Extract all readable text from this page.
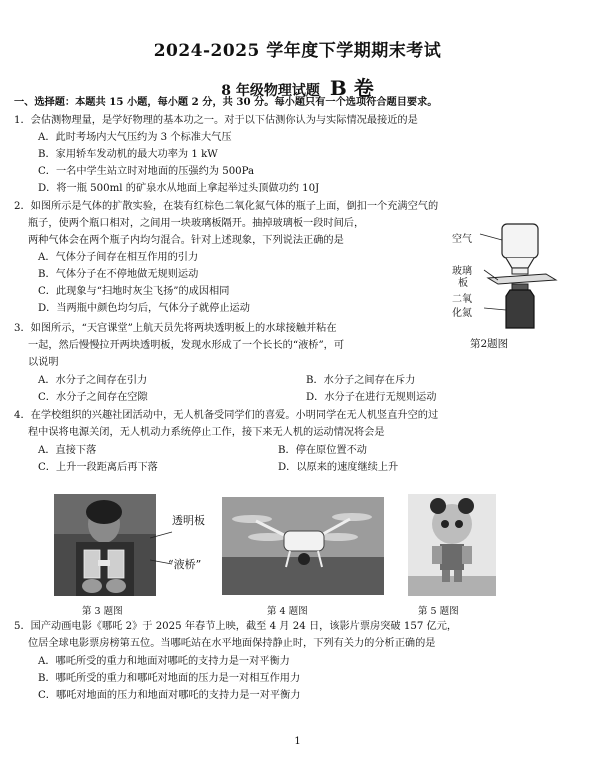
2024-2025 学年度下学期期末考试
8 年级物理试题 B 卷
一、选择题：本题共 15 小题，每小题 2 分，共 30 分。每小题只有一个选项符合题目要求。
1．会估测物理量，是学好物理的基本功之一。对于以下估测你认为与实际情况最接近的是
A．此时考场内大气压约为 3 个标准大气压
B．家用轿车发动机的最大功率为 1 kW
C．一名中学生站立时对地面的压强约为 500Pa
D．将一瓶 500ml 的矿泉水从地面上拿起举过头顶做功约 10J
2．如图所示是气体的扩散实验，在装有红棕色二氧化氮气体的瓶子上面，倒扣一个充满空气的
瓶子，使两个瓶口相对，之间用一块玻璃板隔开。抽掉玻璃板一段时间后，
两种气体会在两个瓶子内均匀混合。针对上述现象，下列说法正确的是
A．气体分子间存在相互作用的引力
B．气体分子在不停地做无规则运动
C．此现象与“扫地时灰尘飞扬”的成因相同
D．当两瓶中颜色均匀后，气体分子就停止运动
空气
玻璃
板
二氧
化氮
第2题图
3．如图所示，“天宫课堂”上航天员先将两块透明板上的水球接触并粘在
一起，然后慢慢拉开两块透明板，发现水形成了一个长长的“液桥”，可
以说明
A．水分子之间存在引力	B．水分子之间存在斥力
C．水分子之间存在空隙	D．水分子在进行无规则运动
4．在学校组织的兴趣社团活动中，无人机备受同学们的喜爱。小明同学在无人机竖直升空的过
程中误将电源关闭，无人机动力系统停止工作，接下来无人机的运动情况将会是
A．直接下落	B．停在原位置不动
C．上升一段距离后再下落	D．以原来的速度继续上升
透明板
“液桥”
第 3 题图	第 4 题图	第 5 题图
5．国产动画电影《哪吒 2》于 2025 年春节上映，截至 4 月 24 日，该影片票房突破 157 亿元，
位居全球电影票房榜第五位。当哪吒站在水平地面保持静止时，下列有关力的分析正确的是
A．哪吒所受的重力和地面对哪吒的支持力是一对平衡力
B．哪吒所受的重力和哪吒对地面的压力是一对相互作用力
C．哪吒对地面的压力和地面对哪吒的支持力是一对平衡力
1
